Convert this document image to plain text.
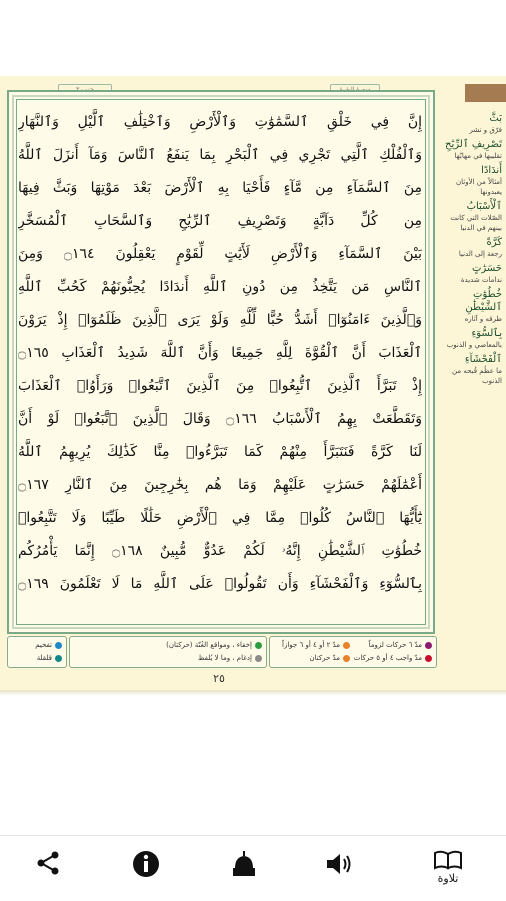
إِنَّ فِي خَلْقِ ٱلسَّمَٰوَٰتِ وَٱلْأَرْضِ وَٱخْتِلَٰفِ ٱلَّيْلِ وَٱلنَّهَارِ
وَٱلْفُلْكِ ٱلَّتِي تَجْرِي فِي ٱلْبَحْرِ بِمَا يَنفَعُ ٱلنَّاسَ وَمَآ أَنزَلَ ٱللَّهُ
مِنَ ٱلسَّمَآءِ مِن مَّآءٍ فَأَحْيَا بِهِ ٱلْأَرْضَ بَعْدَ مَوْتِهَا وَبَثَّ فِيهَا
مِن كُلِّ دَآبَّةٍ وَتَصْرِيفِ ٱلرِّيَٰحِ وَٱلسَّحَابِ ٱلْمُسَخَّرِ
بَيْنَ ٱلسَّمَآءِ وَٱلْأَرْضِ لَأَيَٰتٍ لِّقَوْمٍ يَعْقِلُونَ ۝١٦٤ وَمِنَ
ٱلنَّاسِ مَن يَتَّخِذُ مِن دُونِ ٱللَّهِ أَندَادًا يُحِبُّونَهُمْ كَحُبِّ ٱللَّهِ
وَٱلَّذِينَ ءَامَنُوٓا۟ أَشَدُّ حُبًّا لِّلَّهِ وَلَوْ يَرَى ٱلَّذِينَ ظَلَمُوٓا۟ إِذْ يَرَوْنَ
ٱلْعَذَابَ أَنَّ ٱلْقُوَّةَ لِلَّهِ جَمِيعًا وَأَنَّ ٱللَّهَ شَدِيدُ ٱلْعَذَابِ ۝١٦٥
إِذْ تَبَرَّأَ ٱلَّذِينَ ٱتُّبِعُوا۟ مِنَ ٱلَّذِينَ ٱتَّبَعُوا۟ وَرَأَوُا۟ ٱلْعَذَابَ
وَتَقَطَّعَتْ بِهِمُ ٱلْأَسْبَابُ ۝١٦٦ وَقَالَ ٱلَّذِينَ ٱتَّبَعُوا۟ لَوْ أَنَّ
لَنَا كَرَّةً فَنَتَبَرَّأَ مِنْهُمْ كَمَا تَبَرَّءُوا۟ مِنَّا كَذَٰلِكَ يُرِيهِمُ ٱللَّهُ
أَعْمَٰلَهُمْ حَسَرَٰتٍ عَلَيْهِمْ وَمَا هُم بِخَٰرِجِينَ مِنَ ٱلنَّارِ ۝١٦٧
يَٰٓأَيُّهَا ٱلنَّاسُ كُلُوا۟ مِمَّا فِي ٱلْأَرْضِ حَلَٰلًا طَيِّبًا وَلَا تَتَّبِعُوا۟
خُطُوَٰتِ ٱلشَّيْطَٰنِ إِنَّهُۥ لَكُمْ عَدُوٌّ مُّبِينٌ ۝١٦٨ إِنَّمَا يَأْمُرُكُم
بِٱلسُّوٓءِ وَٱلْفَحْشَآءِ وَأَن تَقُولُوا۟ عَلَى ٱللَّهِ مَا لَا تَعْلَمُونَ ۝١٦٩
بَثَّ
فرّق و نشر
تَصْرِيفِ ٱلرِّيَٰحِ
تقليبها في مهابّها
أَندَادًا
أمثالاً من الأوثان يعبدونها
ٱلْأَسْبَابُ
الصّلات التي كانت بينهم في الدنيا
كَرَّةً
رجعة إلى الدنيا
حَسَرَٰتٍ
ندامات شديدة
خُطُوَٰتِ ٱلشَّيْطَٰنِ
طرقه و آثاره
بِٱلسُّوٓءِ
بالمعاصي و الذنوب
ٱلْفَحْشَآءِ
ما عظُم قُبحه من الذنوب
مدّ ٦ حركات لزوماً
مدّ ٢ أو ٤ أو ٦ جوازاً
مدّ واجب ٤ أو ٥ حركات
مدّ حركتان
إخفاء ، ومواقع الغُنّة (حركتان)
إدغام ، وما لا يُلفظ
تفخيم
قلقلة
٢٥
تلاوة
